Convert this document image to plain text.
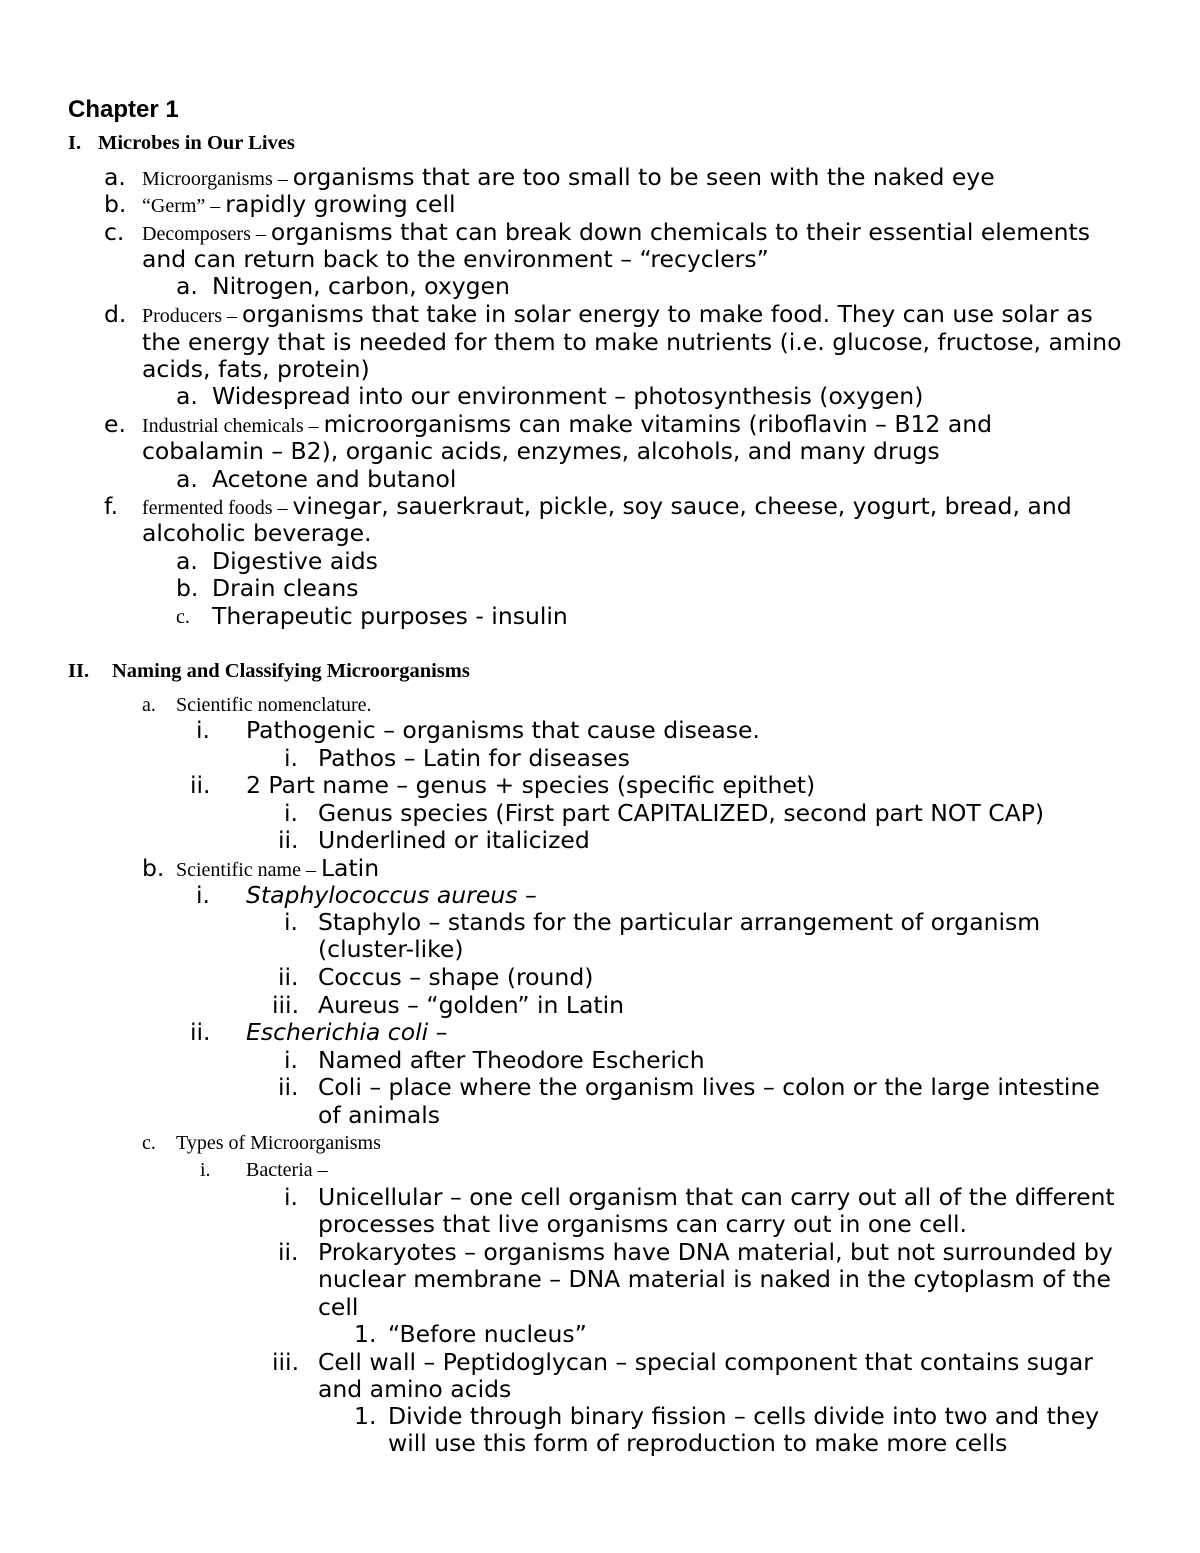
Chapter 1
I. Microbes in Our Lives
a. Microorganisms – organisms that are too small to be seen with the naked eye
b. “Germ” – rapidly growing cell
c. Decomposers – organisms that can break down chemicals to their essential elements
and can return back to the environment – “recyclers”
a. Nitrogen, carbon, oxygen
d. Producers – organisms that take in solar energy to make food. They can use solar as
the energy that is needed for them to make nutrients (i.e. glucose, fructose, amino
acids, fats, protein)
a. Widespread into our environment – photosynthesis (oxygen)
e. Industrial chemicals – microorganisms can make vitamins (riboflavin – B12 and
cobalamin – B2), organic acids, enzymes, alcohols, and many drugs
a. Acetone and butanol
f. fermented foods – vinegar, sauerkraut, pickle, soy sauce, cheese, yogurt, bread, and
alcoholic beverage.
a. Digestive aids
b. Drain cleans
c. Therapeutic purposes - insulin
II. Naming and Classifying Microorganisms
a. Scientific nomenclature.
i. Pathogenic – organisms that cause disease.
i. Pathos – Latin for diseases
ii. 2 Part name – genus + species (specific epithet)
i. Genus species (First part CAPITALIZED, second part NOT CAP)
ii. Underlined or italicized
b. Scientific name – Latin
i. Staphylococcus aureus –
i. Staphylo – stands for the particular arrangement of organism
(cluster-like)
ii. Coccus – shape (round)
iii. Aureus – “golden” in Latin
ii. Escherichia coli –
i. Named after Theodore Escherich
ii. Coli – place where the organism lives – colon or the large intestine
of animals
c. Types of Microorganisms
i. Bacteria –
i. Unicellular – one cell organism that can carry out all of the different
processes that live organisms can carry out in one cell.
ii. Prokaryotes – organisms have DNA material, but not surrounded by
nuclear membrane – DNA material is naked in the cytoplasm of the
cell
1. “Before nucleus”
iii. Cell wall – Peptidoglycan – special component that contains sugar
and amino acids
1. Divide through binary fission – cells divide into two and they
will use this form of reproduction to make more cells
